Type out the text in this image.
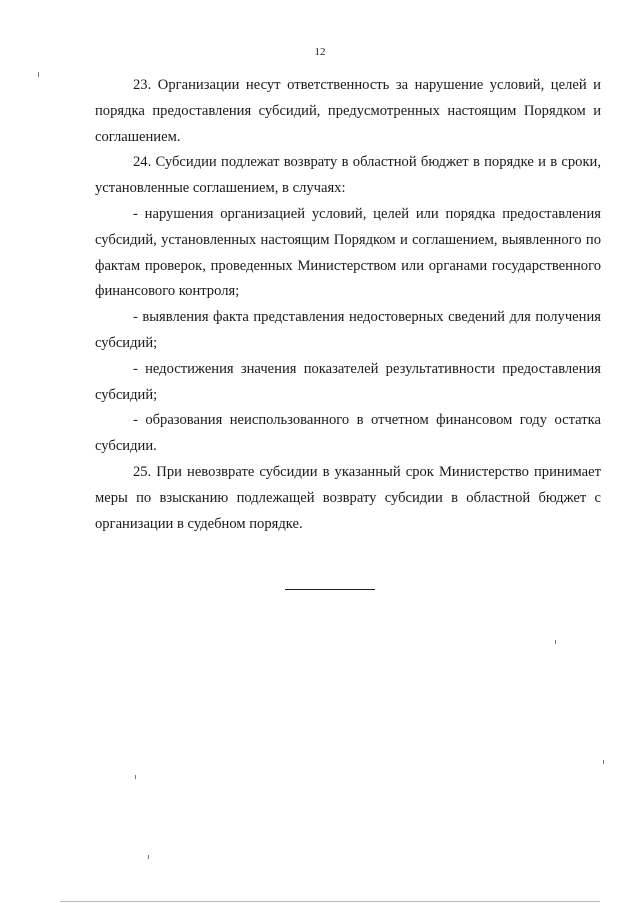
12

23. Организации несут ответственность за нарушение условий, целей и порядка предоставления субсидий, предусмотренных настоящим Порядком и соглашением.

24. Субсидии подлежат возврату в областной бюджет в порядке и в сроки, установленные соглашением, в случаях:

- нарушения организацией условий, целей или порядка предоставления субсидий, установленных настоящим Порядком и соглашением, выявленного по фактам проверок, проведенных Министерством или органами государственного финансового контроля;

- выявления факта представления недостоверных сведений для получения субсидий;

- недостижения значения показателей результативности предоставления субсидий;

- образования неиспользованного в отчетном финансовом году остатка субсидии.

25. При невозврате субсидии в указанный срок Министерство принимает меры по взысканию подлежащей возврату субсидии в областной бюджет с организации в судебном порядке.
